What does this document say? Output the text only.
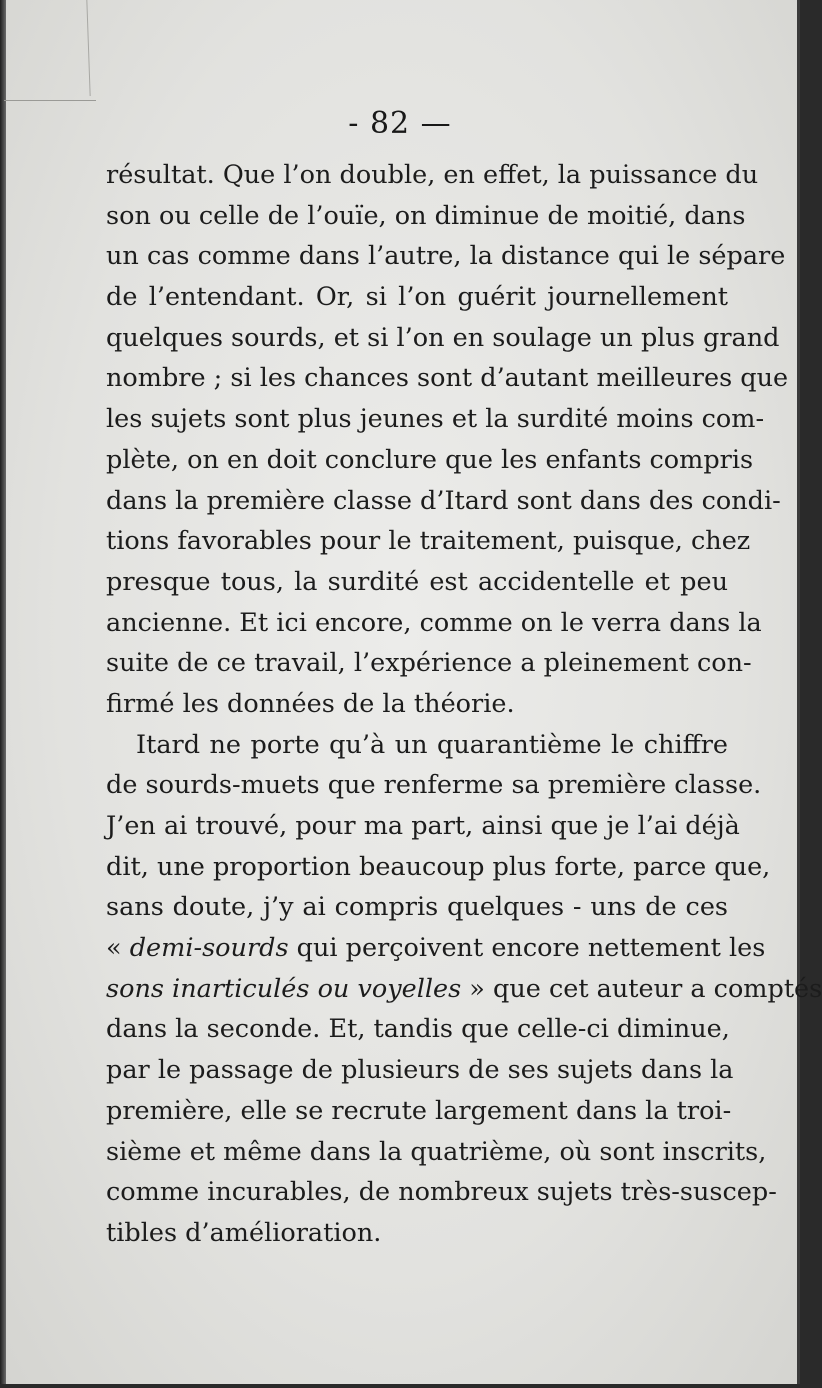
- 82 —
résultat. Que l’on double, en effet, la puissance du
son ou celle de l’ouïe, on diminue de moitié, dans
un cas comme dans l’autre, la distance qui le sépare
de l’entendant. Or, si l’on guérit journellement
quelques sourds, et si l’on en soulage un plus grand
nombre ; si les chances sont d’autant meilleures que
les sujets sont plus jeunes et la surdité moins com-
plète, on en doit conclure que les enfants compris
dans la première classe d’Itard sont dans des condi-
tions favorables pour le traitement, puisque, chez
presque tous, la surdité est accidentelle et peu
ancienne. Et ici encore, comme on le verra dans la
suite de ce travail, l’expérience a pleinement con-
firmé les données de la théorie.
Itard ne porte qu’à un quarantième le chiffre
de sourds-muets que renferme sa première classe.
J’en ai trouvé, pour ma part, ainsi que je l’ai déjà
dit, une proportion beaucoup plus forte, parce que,
sans doute, j’y ai compris quelques - uns de ces
« demi-sourds qui perçoivent encore nettement les
sons inarticulés ou voyelles » que cet auteur a comptés
dans la seconde. Et, tandis que celle-ci diminue,
par le passage de plusieurs de ses sujets dans la
première, elle se recrute largement dans la troi-
sième et même dans la quatrième, où sont inscrits,
comme incurables, de nombreux sujets très-suscep-
tibles d’amélioration.
